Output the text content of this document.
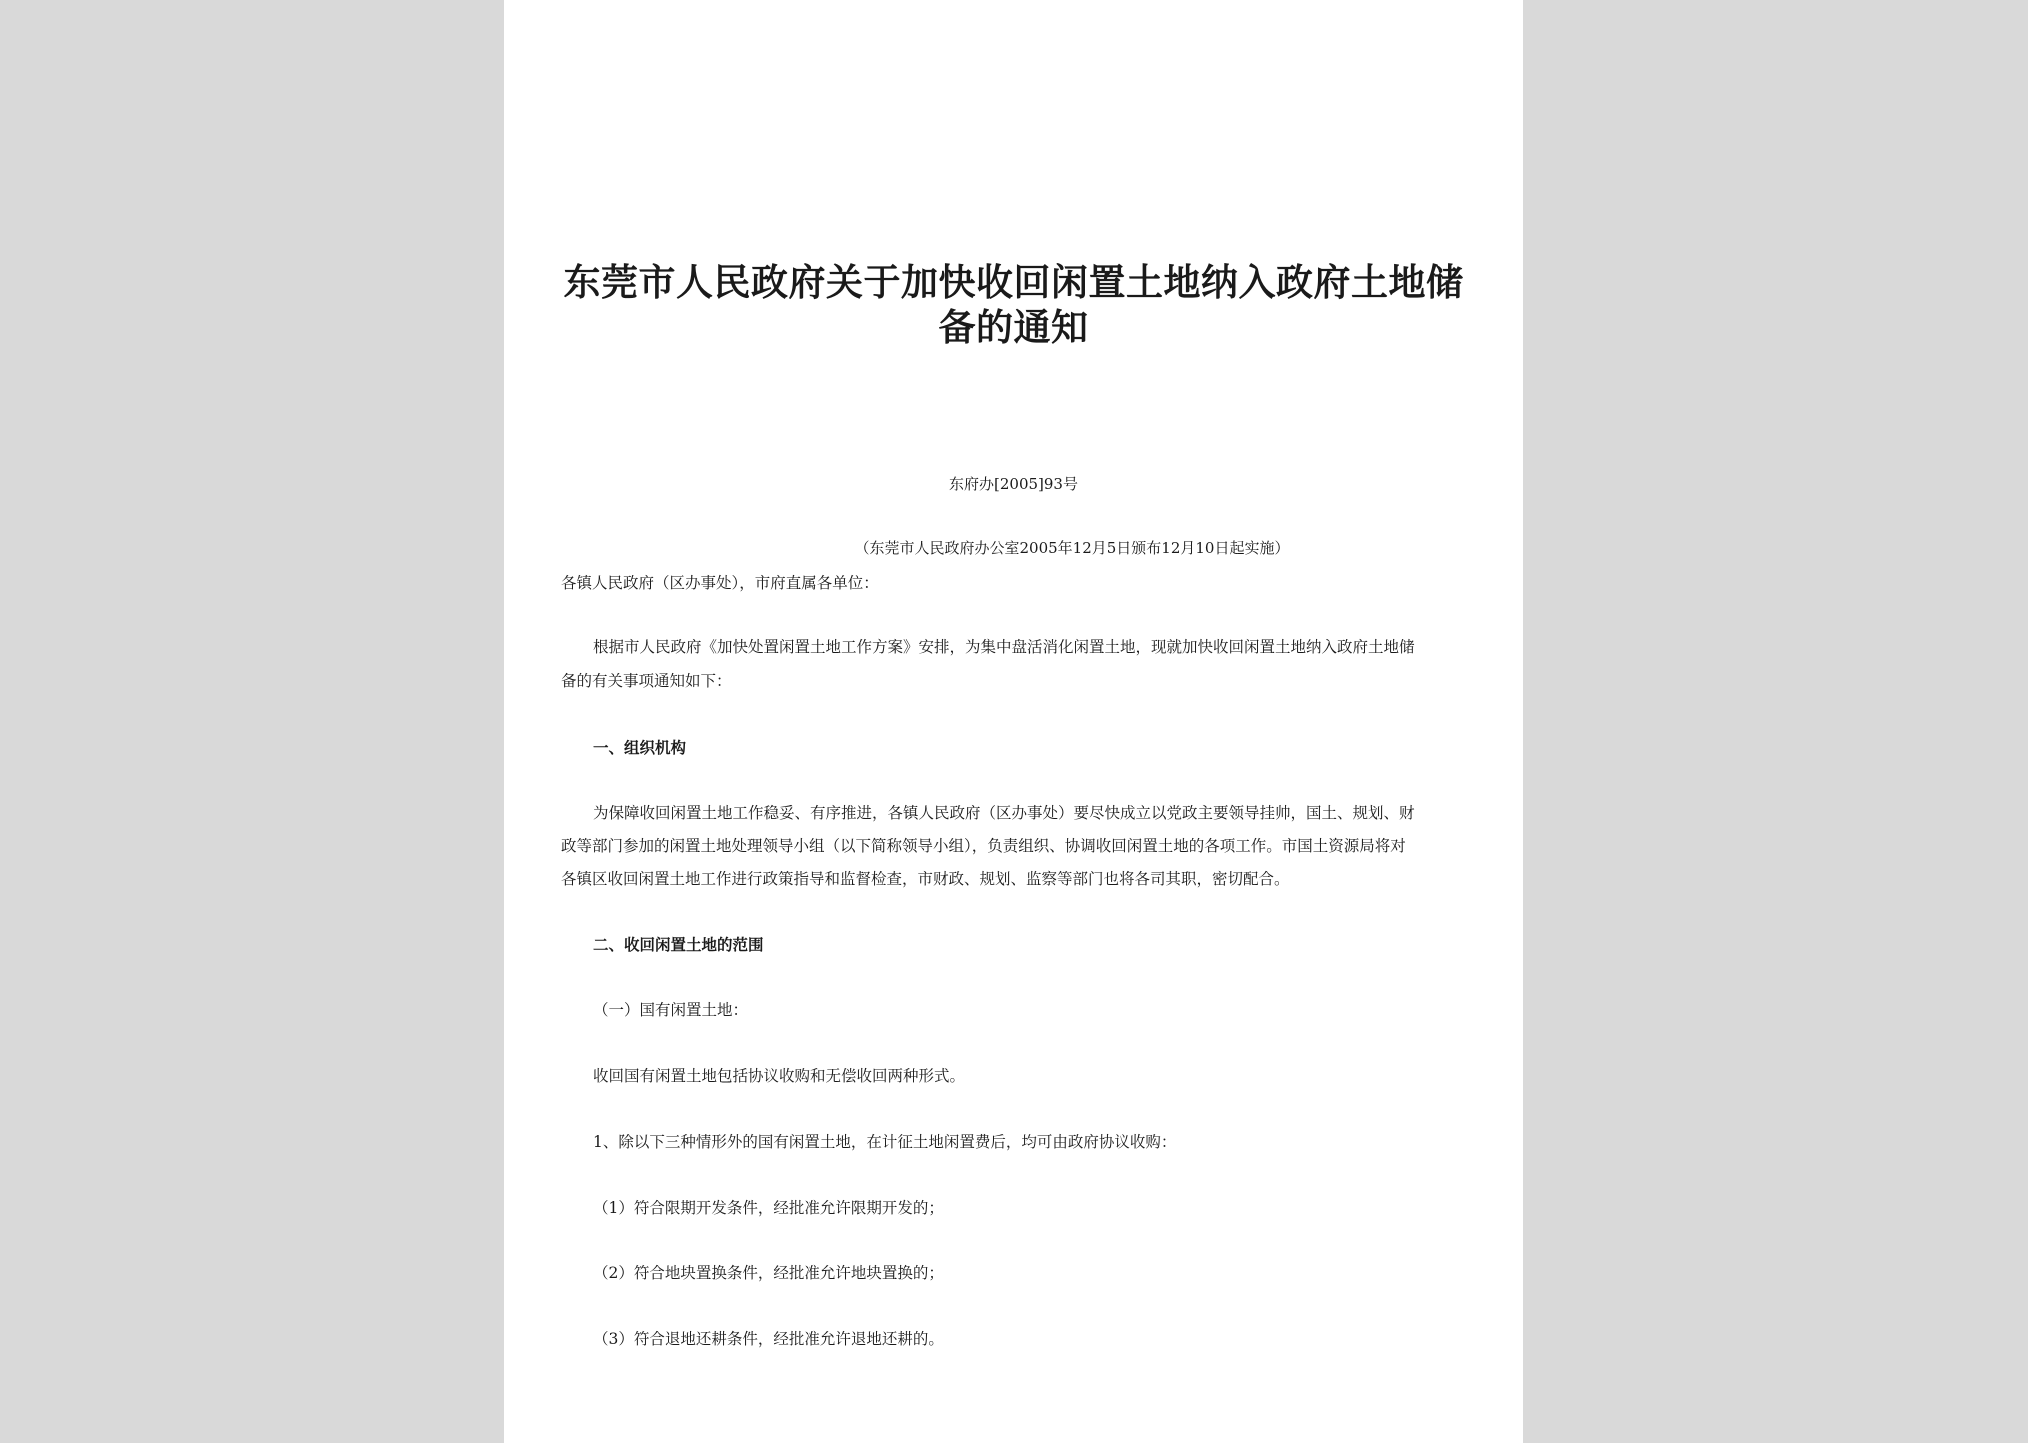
东莞市人民政府关于加快收回闲置土地纳入政府土地储
备的通知
东府办[2005]93号
（东莞市人民政府办公室2005年12月5日颁布12月10日起实施）
各镇人民政府（区办事处），市府直属各单位：
根据市人民政府《加快处置闲置土地工作方案》安排，为集中盘活消化闲置土地，现就加快收回闲置土地纳入政府土地储
备的有关事项通知如下：
一、组织机构
为保障收回闲置土地工作稳妥、有序推进，各镇人民政府（区办事处）要尽快成立以党政主要领导挂帅，国土、规划、财
政等部门参加的闲置土地处理领导小组（以下简称领导小组），负责组织、协调收回闲置土地的各项工作。市国土资源局将对
各镇区收回闲置土地工作进行政策指导和监督检查，市财政、规划、监察等部门也将各司其职，密切配合。
二、收回闲置土地的范围
（一）国有闲置土地：
收回国有闲置土地包括协议收购和无偿收回两种形式。
1、除以下三种情形外的国有闲置土地，在计征土地闲置费后，均可由政府协议收购：
（1）符合限期开发条件，经批准允许限期开发的；
（2）符合地块置换条件，经批准允许地块置换的；
（3）符合退地还耕条件，经批准允许退地还耕的。
